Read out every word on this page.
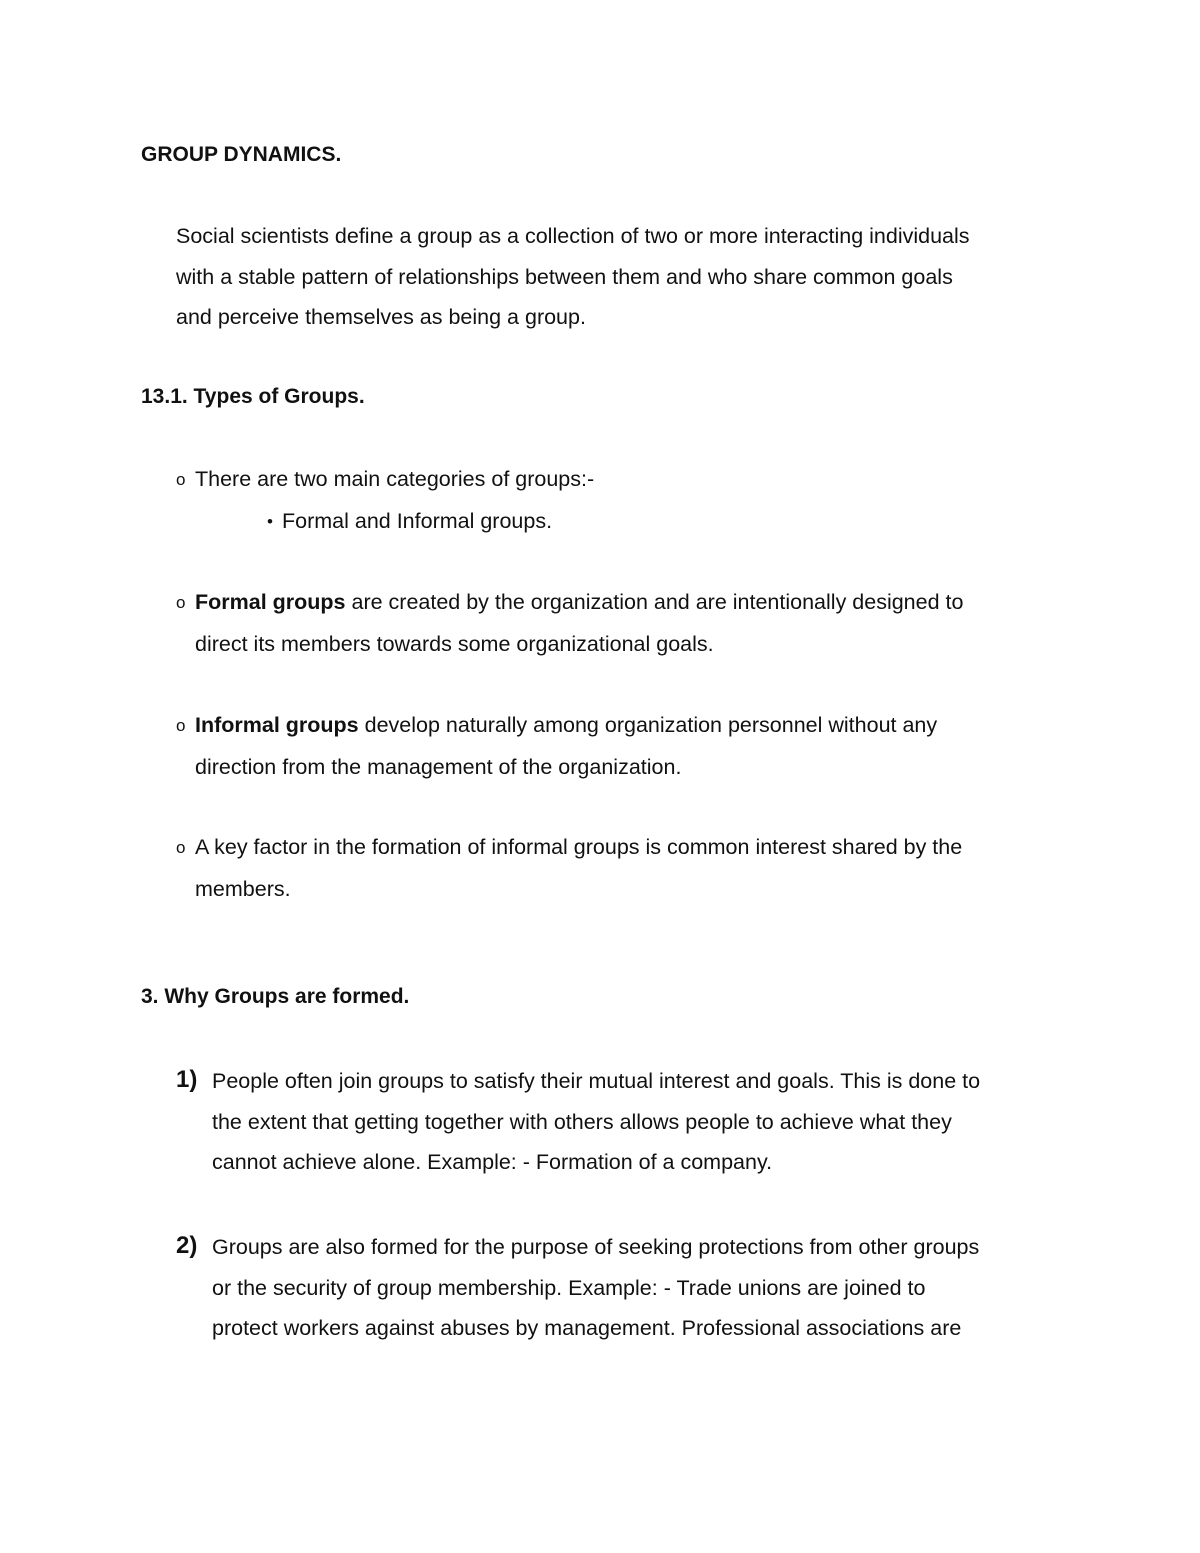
GROUP DYNAMICS.
Social scientists define a group as a collection of two or more interacting individuals
with a stable pattern of relationships between them and who share common goals
and perceive themselves as being a group.
13.1. Types of Groups.
o There are two main categories of groups:-
• Formal and Informal groups.
o Formal groups are created by the organization and are intentionally designed to
direct its members towards some organizational goals.
o Informal groups develop naturally among organization personnel without any
direction from the management of the organization.
o A key factor in the formation of informal groups is common interest shared by the
members.
3. Why Groups are formed.
1) People often join groups to satisfy their mutual interest and goals. This is done to
the extent that getting together with others allows people to achieve what they
cannot achieve alone. Example: - Formation of a company.
2) Groups are also formed for the purpose of seeking protections from other groups
or the security of group membership. Example: - Trade unions are joined to
protect workers against abuses by management. Professional associations are
